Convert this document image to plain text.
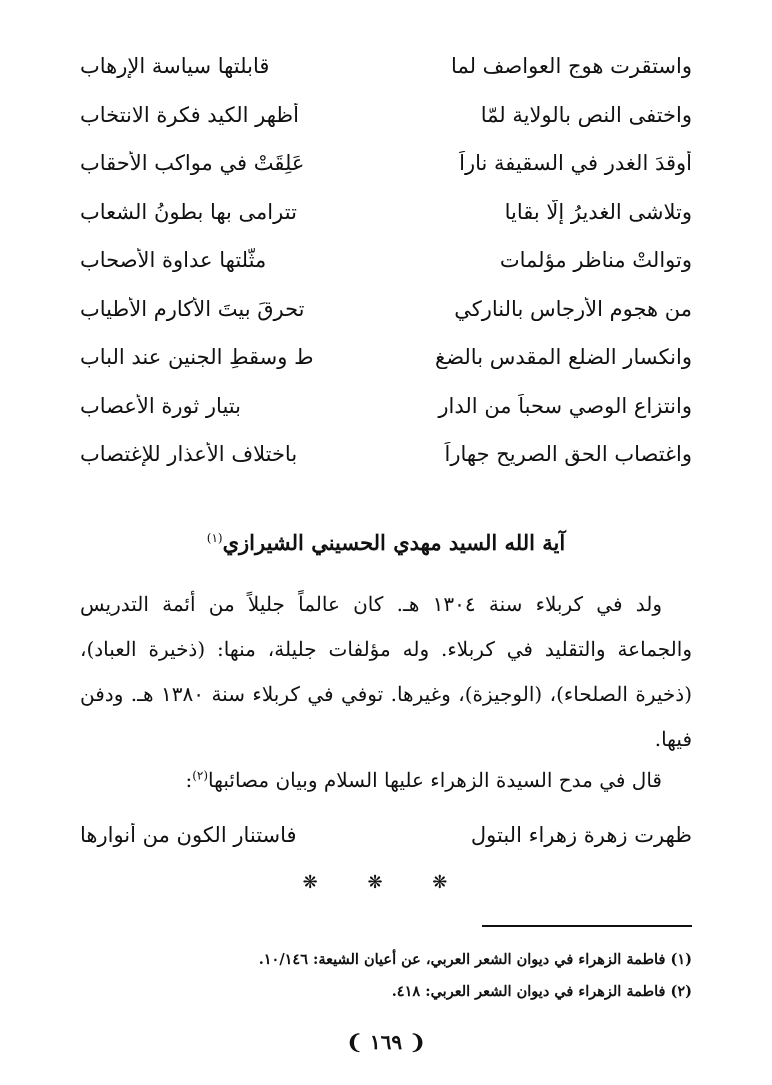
واستقرت هوج العواصف لما
قابلتها سياسة الإرهاب
واختفى النص بالولاية لمّا
أظهر الكيد فكرة الانتخاب
أوقدَ الغدر في السقيفة ناراً
عَلِقَتْ في مواكب الأحقاب
وتلاشى الغديرُ إلّا بقايا
تترامى بها بطونُ الشعاب
وتوالتْ مناظر مؤلمات
مثّلتها عداوة الأصحاب
من هجوم الأرجاس بالناركي
تحرقَ بيتَ الأكارم الأطياب
وانكسار الضلع المقدس بالضغ
ط وسقطِ الجنين عند الباب
وانتزاع الوصي سحباً من الدار
بتيار ثورة الأعصاب
واغتصاب الحق الصريح جهاراً
باختلاف الأعذار للإغتصاب
آية الله السيد مهدي الحسيني الشيرازي$^{(١)}$

ولد في كربلاء سنة ١٣٠٤ هـ. كان عالماً جليلاً من أئمة التدريس والجماعة والتقليد في كربلاء. وله مؤلفات جليلة، منها: (ذخيرة العباد)، (ذخيرة الصلحاء)، (الوجيزة)، وغيرها. توفي في كربلاء سنة ١٣٨٠ هـ. ودفن فيها.

قال في مدح السيدة الزهراء عليها السلام وبيان مصائبها$^{(٢)}$:
ظهرت زهرة زهراء البتول
فاستنار الكون من أنوارها
❋ ❋ ❋
(١) فاطمة الزهراء في ديوان الشعر العربي، عن أعيان الشيعة: ١٠/١٤٦.
(٢) فاطمة الزهراء في ديوان الشعر العربي: ٤١٨.
❨ ١٦٩ ❩
